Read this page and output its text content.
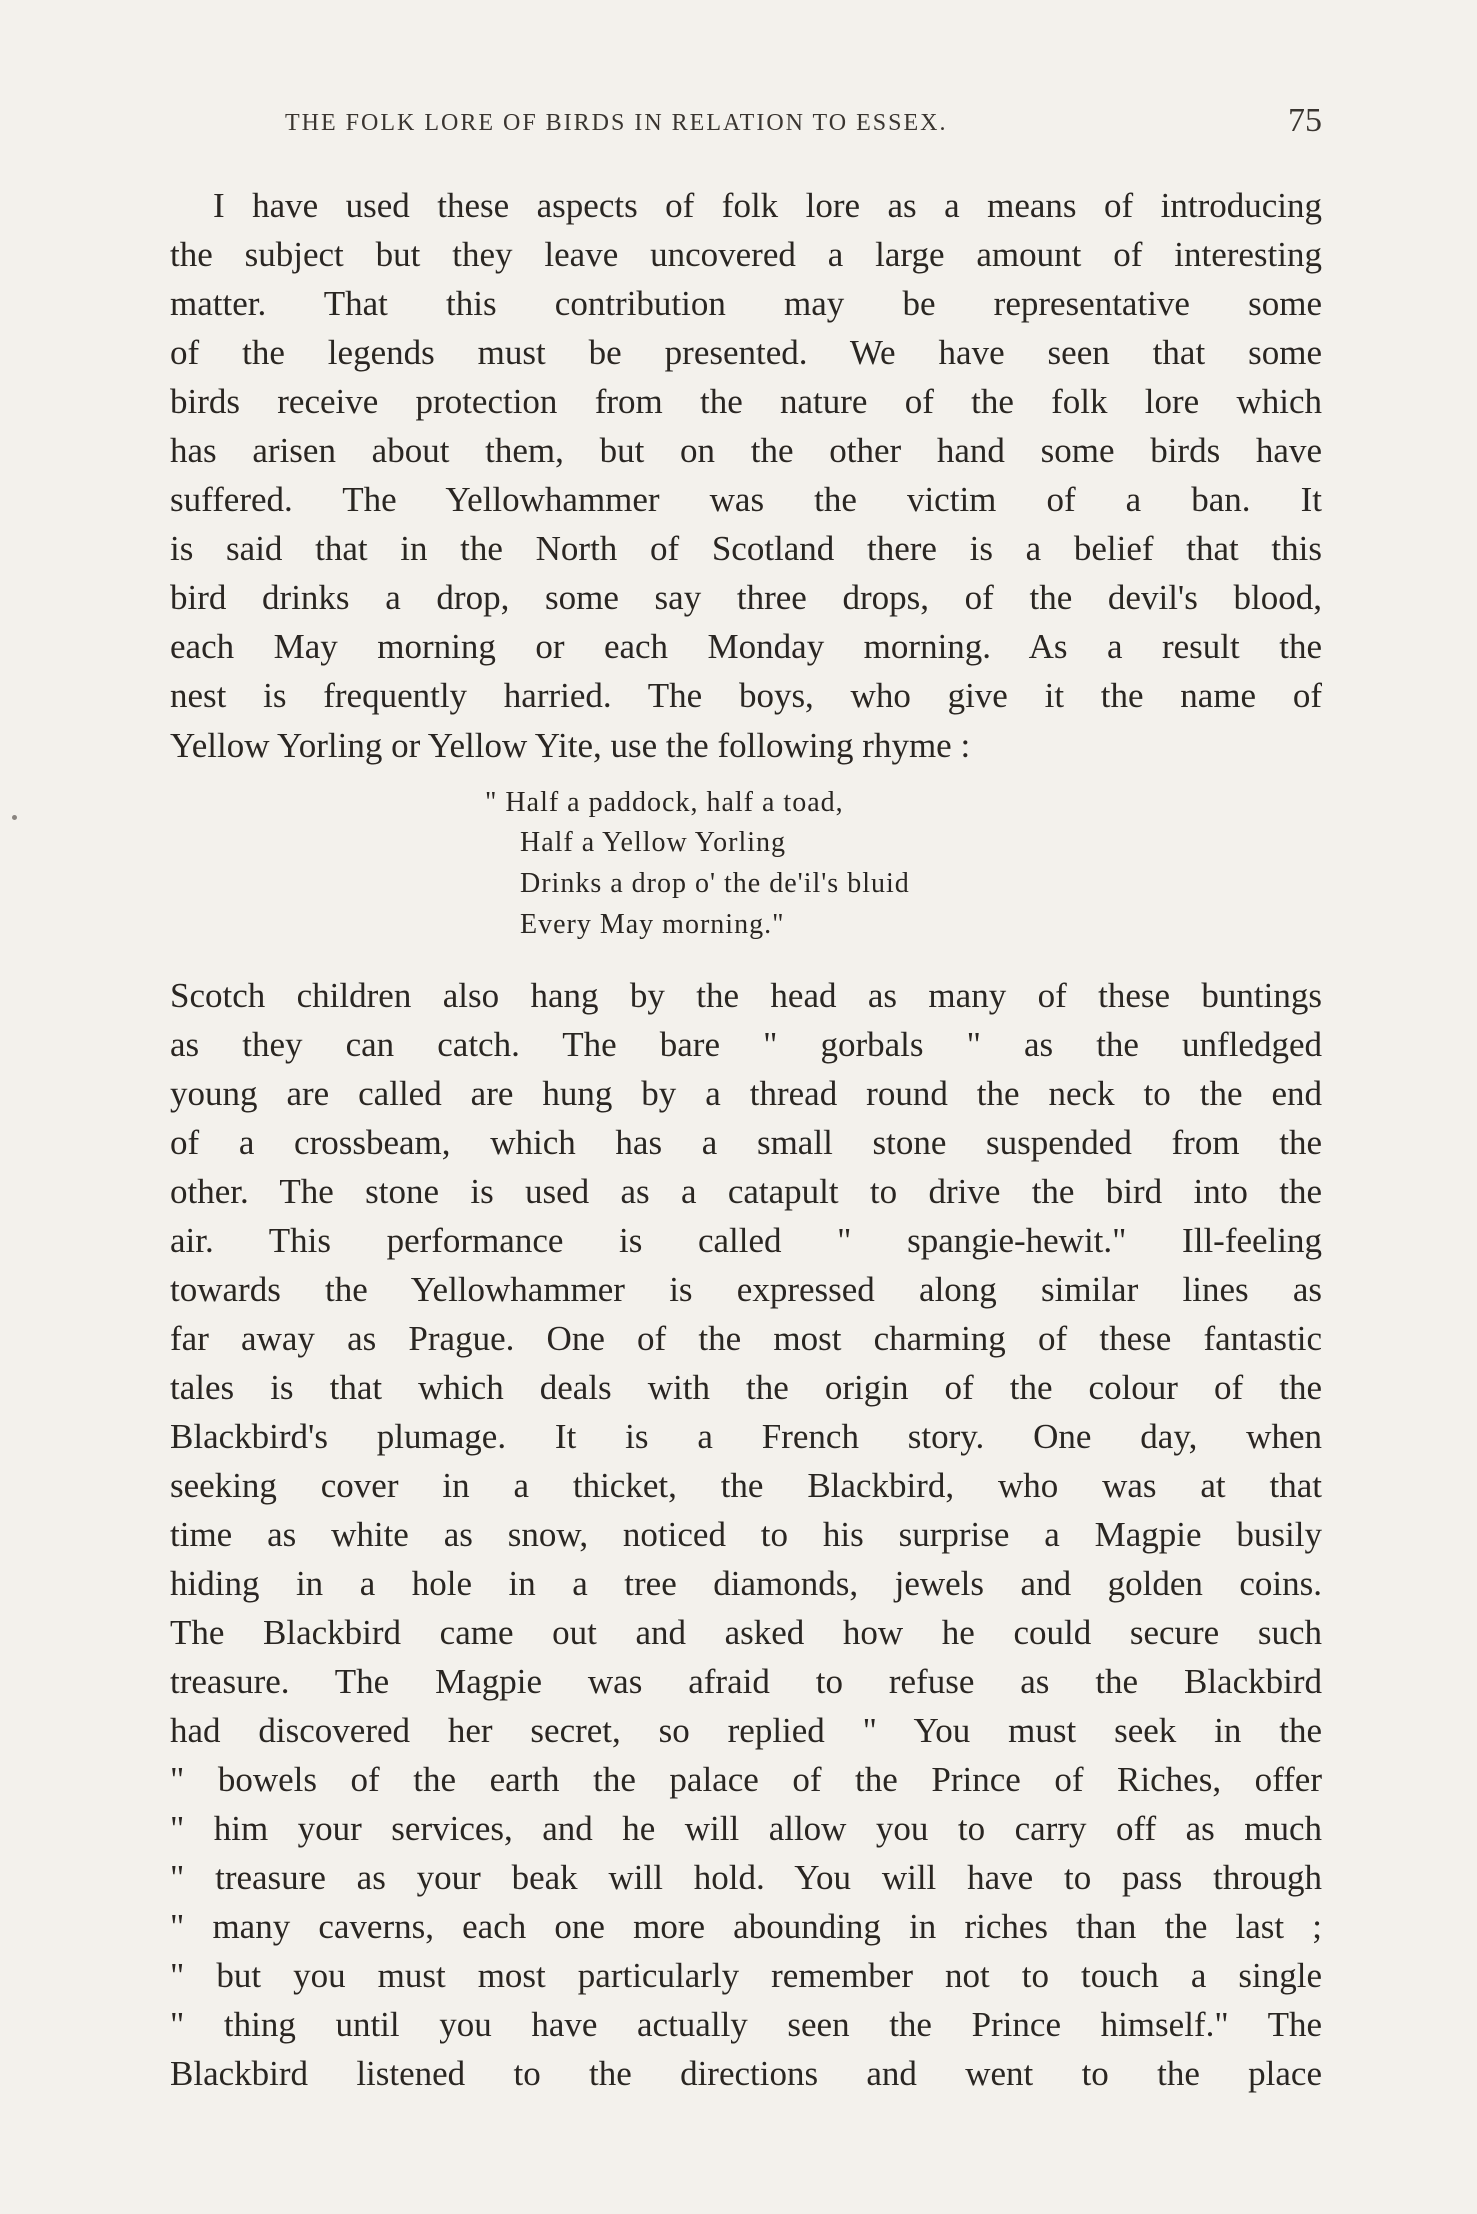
THE FOLK LORE OF BIRDS IN RELATION TO ESSEX.	75
I have used these aspects of folk lore as a means of introducing
the subject but they leave uncovered a large amount of interesting
matter. That this contribution may be representative some
of the legends must be presented. We have seen that some
birds receive protection from the nature of the folk lore which
has arisen about them, but on the other hand some birds have
suffered. The Yellowhammer was the victim of a ban. It
is said that in the North of Scotland there is a belief that this
bird drinks a drop, some say three drops, of the devil's blood,
each May morning or each Monday morning. As a result the
nest is frequently harried. The boys, who give it the name of
Yellow Yorling or Yellow Yite, use the following rhyme :
" Half a paddock, half a toad,
Half a Yellow Yorling
Drinks a drop o' the de'il's bluid
Every May morning."
Scotch children also hang by the head as many of these buntings
as they can catch. The bare " gorbals " as the unfledged
young are called are hung by a thread round the neck to the end
of a crossbeam, which has a small stone suspended from the
other. The stone is used as a catapult to drive the bird into the
air. This performance is called " spangie-hewit." Ill-feeling
towards the Yellowhammer is expressed along similar lines as
far away as Prague. One of the most charming of these fantastic
tales is that which deals with the origin of the colour of the
Blackbird's plumage. It is a French story. One day, when
seeking cover in a thicket, the Blackbird, who was at that
time as white as snow, noticed to his surprise a Magpie busily
hiding in a hole in a tree diamonds, jewels and golden coins.
The Blackbird came out and asked how he could secure such
treasure. The Magpie was afraid to refuse as the Blackbird
had discovered her secret, so replied " You must seek in the
" bowels of the earth the palace of the Prince of Riches, offer
" him your services, and he will allow you to carry off as much
" treasure as your beak will hold. You will have to pass through
" many caverns, each one more abounding in riches than the last ;
" but you must most particularly remember not to touch a single
" thing until you have actually seen the Prince himself." The
Blackbird listened to the directions and went to the place
